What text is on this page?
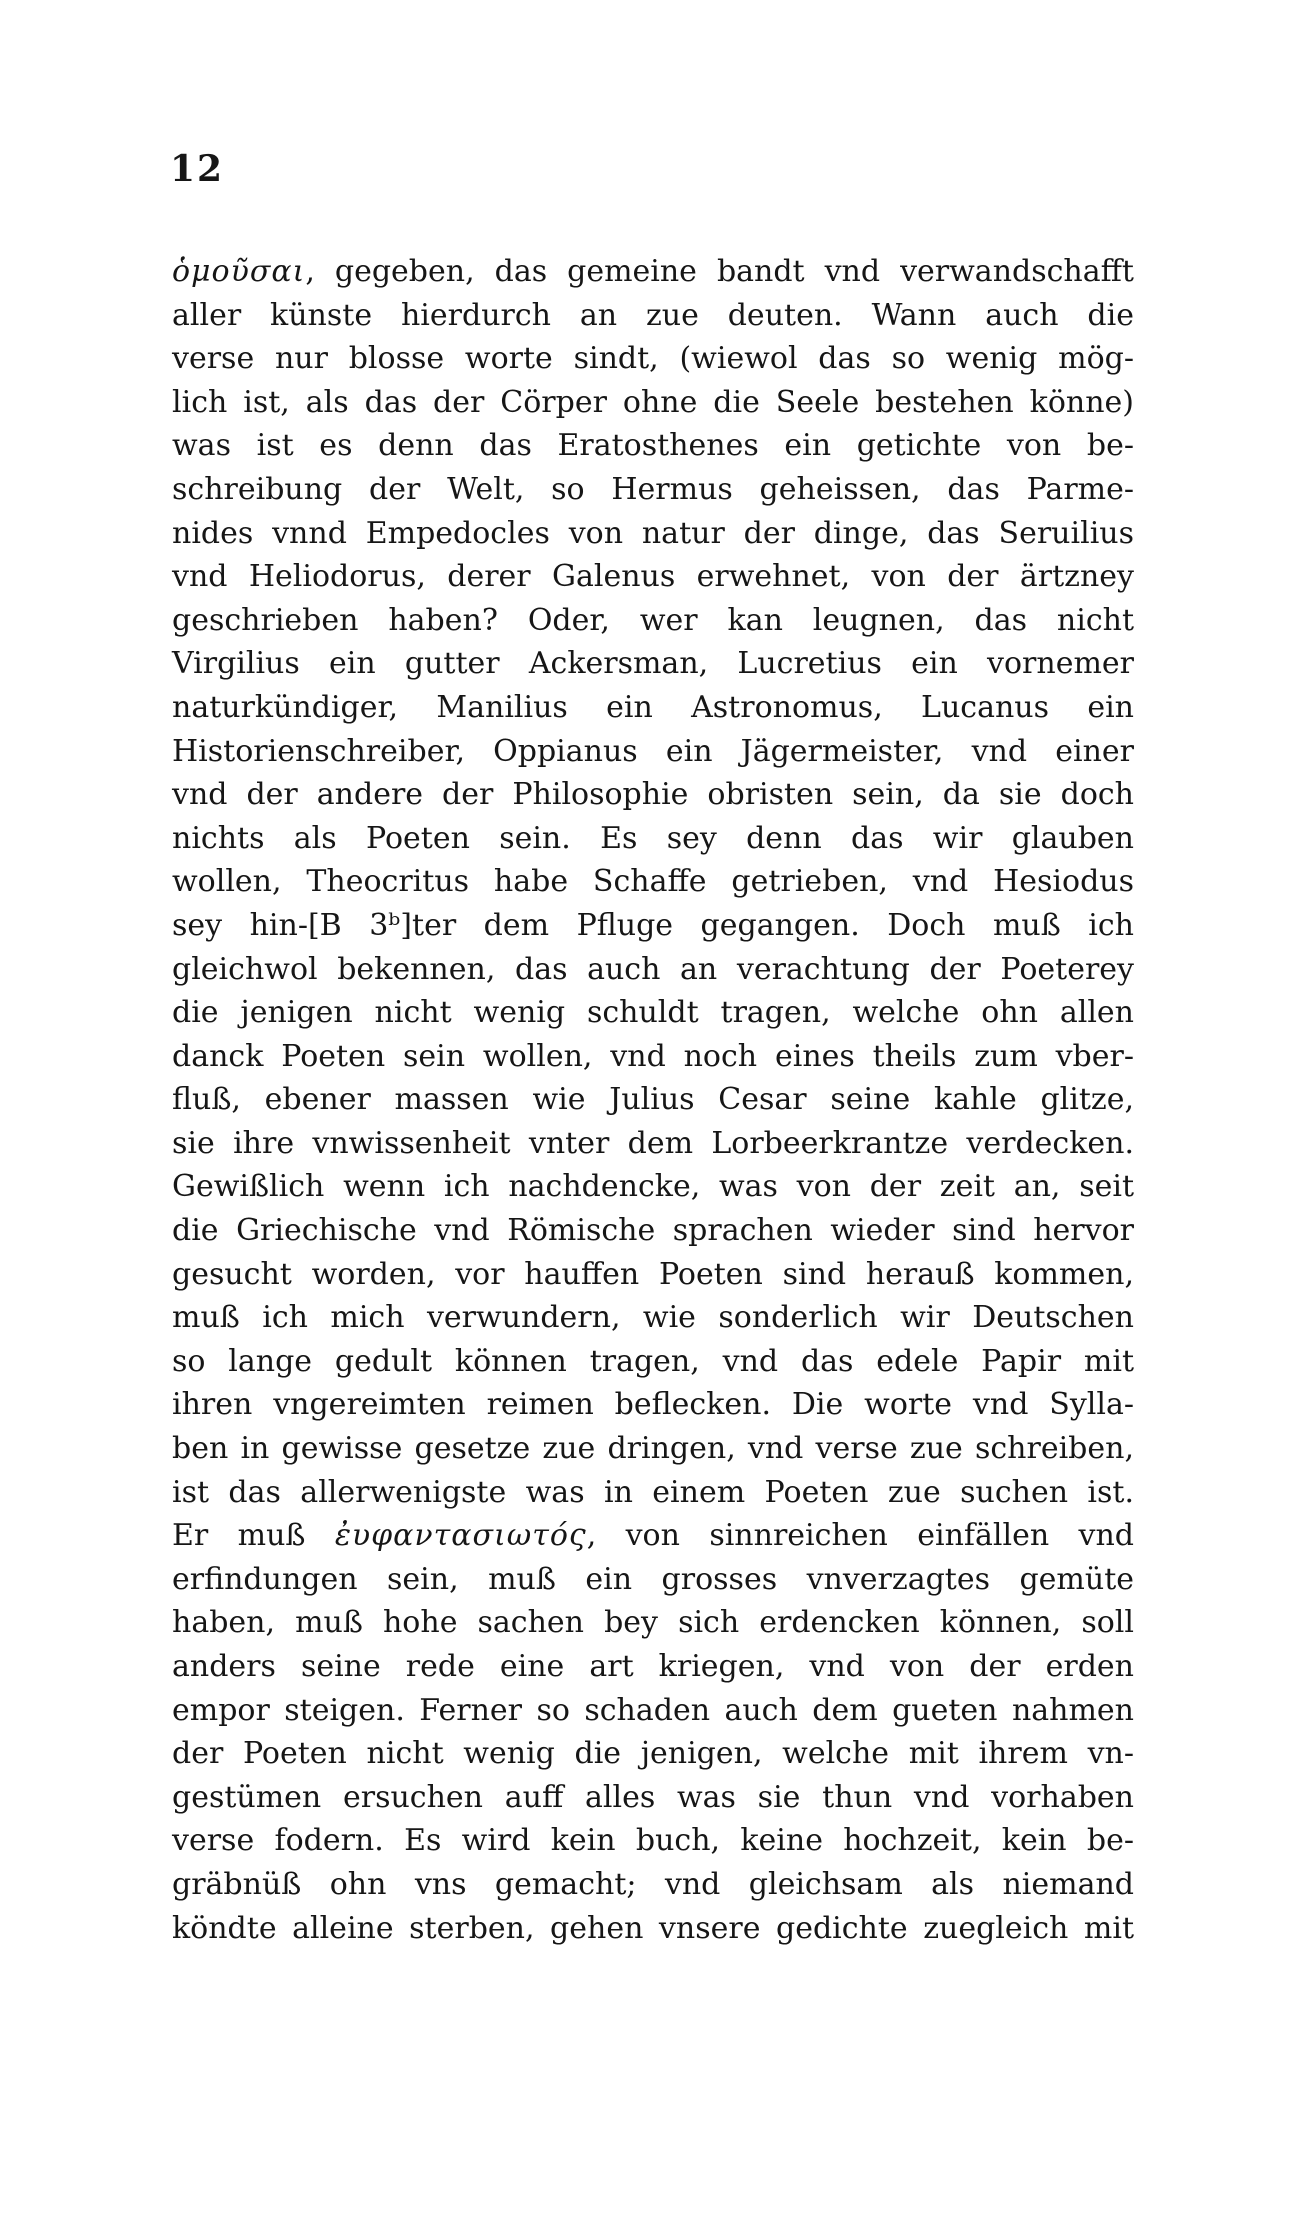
12
ὁμοῦσαι, gegeben, das gemeine bandt vnd verwandschafft
aller künste hierdurch an zue deuten. Wann auch die
verse nur blosse worte sindt, (wiewol das so wenig mög-
lich ist, als das der Cörper ohne die Seele bestehen könne)
was ist es denn das Eratosthenes ein getichte von be-
schreibung der Welt, so Hermus geheissen, das Parme-
nides vnnd Empedocles von natur der dinge, das Seruilius
vnd Heliodorus, derer Galenus erwehnet, von der ärtzney
geschrieben haben? Oder, wer kan leugnen, das nicht
Virgilius ein gutter Ackersman, Lucretius ein vornemer
naturkündiger, Manilius ein Astronomus, Lucanus ein
Historienschreiber, Oppianus ein Jägermeister, vnd einer
vnd der andere der Philosophie obristen sein, da sie doch
nichts als Poeten sein. Es sey denn das wir glauben
wollen, Theocritus habe Schaffe getrieben, vnd Hesiodus
sey hin-[B 3ᵇ]ter dem Pfluge gegangen. Doch muß ich
gleichwol bekennen, das auch an verachtung der Poeterey
die jenigen nicht wenig schuldt tragen, welche ohn allen
danck Poeten sein wollen, vnd noch eines theils zum vber-
fluß, ebener massen wie Julius Cesar seine kahle glitze,
sie ihre vnwissenheit vnter dem Lorbeerkrantze verdecken.
Gewißlich wenn ich nachdencke, was von der zeit an, seit
die Griechische vnd Römische sprachen wieder sind hervor
gesucht worden, vor hauffen Poeten sind herauß kommen,
muß ich mich verwundern, wie sonderlich wir Deutschen
so lange gedult können tragen, vnd das edele Papir mit
ihren vngereimten reimen beflecken. Die worte vnd Sylla-
ben in gewisse gesetze zue dringen, vnd verse zue schreiben,
ist das allerwenigste was in einem Poeten zue suchen ist.
Er muß ἐυφαντασιωτός, von sinnreichen einfällen vnd
erfindungen sein, muß ein grosses vnverzagtes gemüte
haben, muß hohe sachen bey sich erdencken können, soll
anders seine rede eine art kriegen, vnd von der erden
empor steigen. Ferner so schaden auch dem gueten nahmen
der Poeten nicht wenig die jenigen, welche mit ihrem vn-
gestümen ersuchen auff alles was sie thun vnd vorhaben
verse fodern. Es wird kein buch, keine hochzeit, kein be-
gräbnüß ohn vns gemacht; vnd gleichsam als niemand
köndte alleine sterben, gehen vnsere gedichte zuegleich mit
